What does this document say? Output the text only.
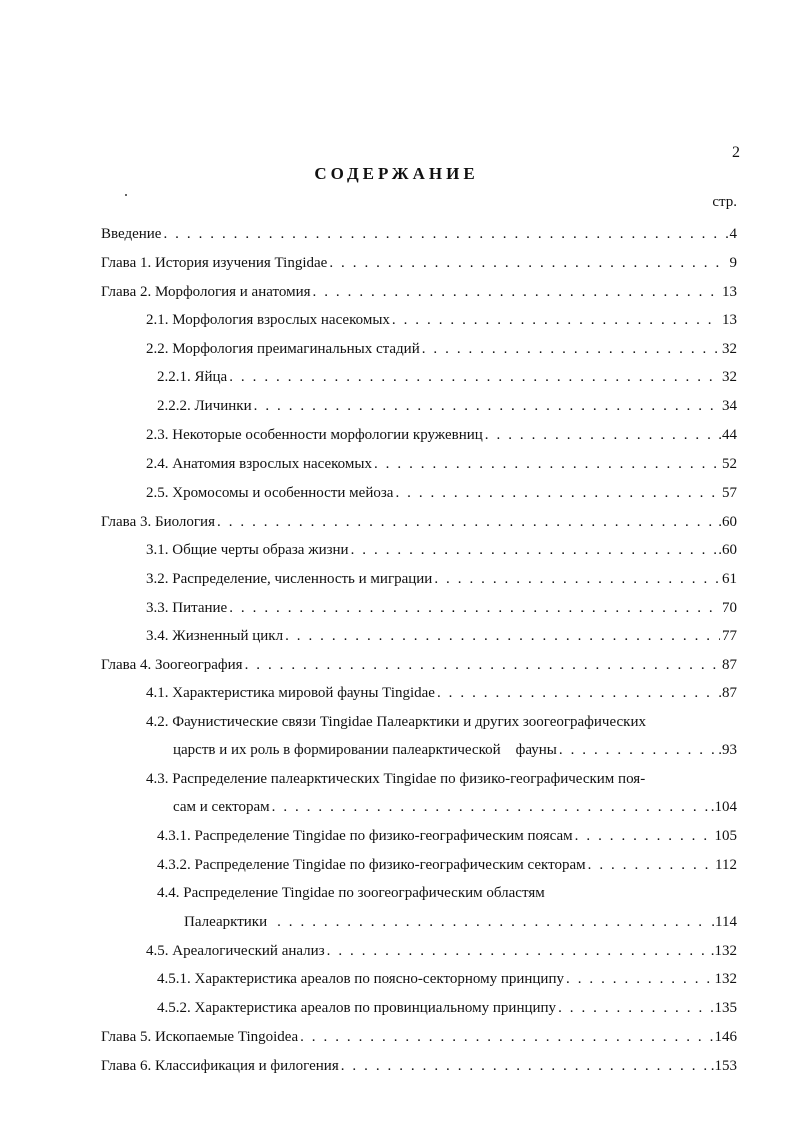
2
СОДЕРЖАНИЕ
стр.
Введение . . .	4
Глава 1. История изучения Tingidae . . .	9
Глава 2. Морфология и анатомия . . .	13
2.1. Морфология взрослых насекомых . . .	13
2.2. Морфология преимагинальных стадий . . .	32
2.2.1. Яйца . . .	32
2.2.2. Личинки . . .	34
2.3. Некоторые особенности морфологии кружевниц . . .	.44
2.4. Анатомия взрослых насекомых . . .	52
2.5. Хромосомы и особенности мейоза . . .	57
Глава 3. Биология . . .	.60
3.1. Общие черты образа жизни . . .	.60
3.2. Распределение, численность и миграции . . .	61
3.3. Питание . . .	70
3.4. Жизненный цикл . . .	77
Глава 4. Зоогеография . . .	87
4.1. Характеристика мировой фауны Tingidae . . .	.87
4.2. Фаунистические связи Tingidae Палеарктики и других зоогеографических
царств и их роль в формировании палеарктической    фауны . . .	.93
4.3. Распределение палеарктических Tingidae по физико-географическим поя-
сам и секторам . . .	.104
4.3.1. Распределение Tingidae по физико-географическим поясам . . .	105
4.3.2. Распределение Tingidae по физико-географическим секторам . . .	112
4.4. Распределение Tingidae по зоогеографическим областям
Палеарктики . . .	.114
4.5. Ареалогический анализ . . .	.132
4.5.1. Характеристика ареалов по поясно-секторному принципу . . .	132
4.5.2. Характеристика ареалов по провинциальному принципу . . .	135
Глава 5. Ископаемые Tingoidea . . .	146
Глава 6. Классификация и филогения . . .	.153
